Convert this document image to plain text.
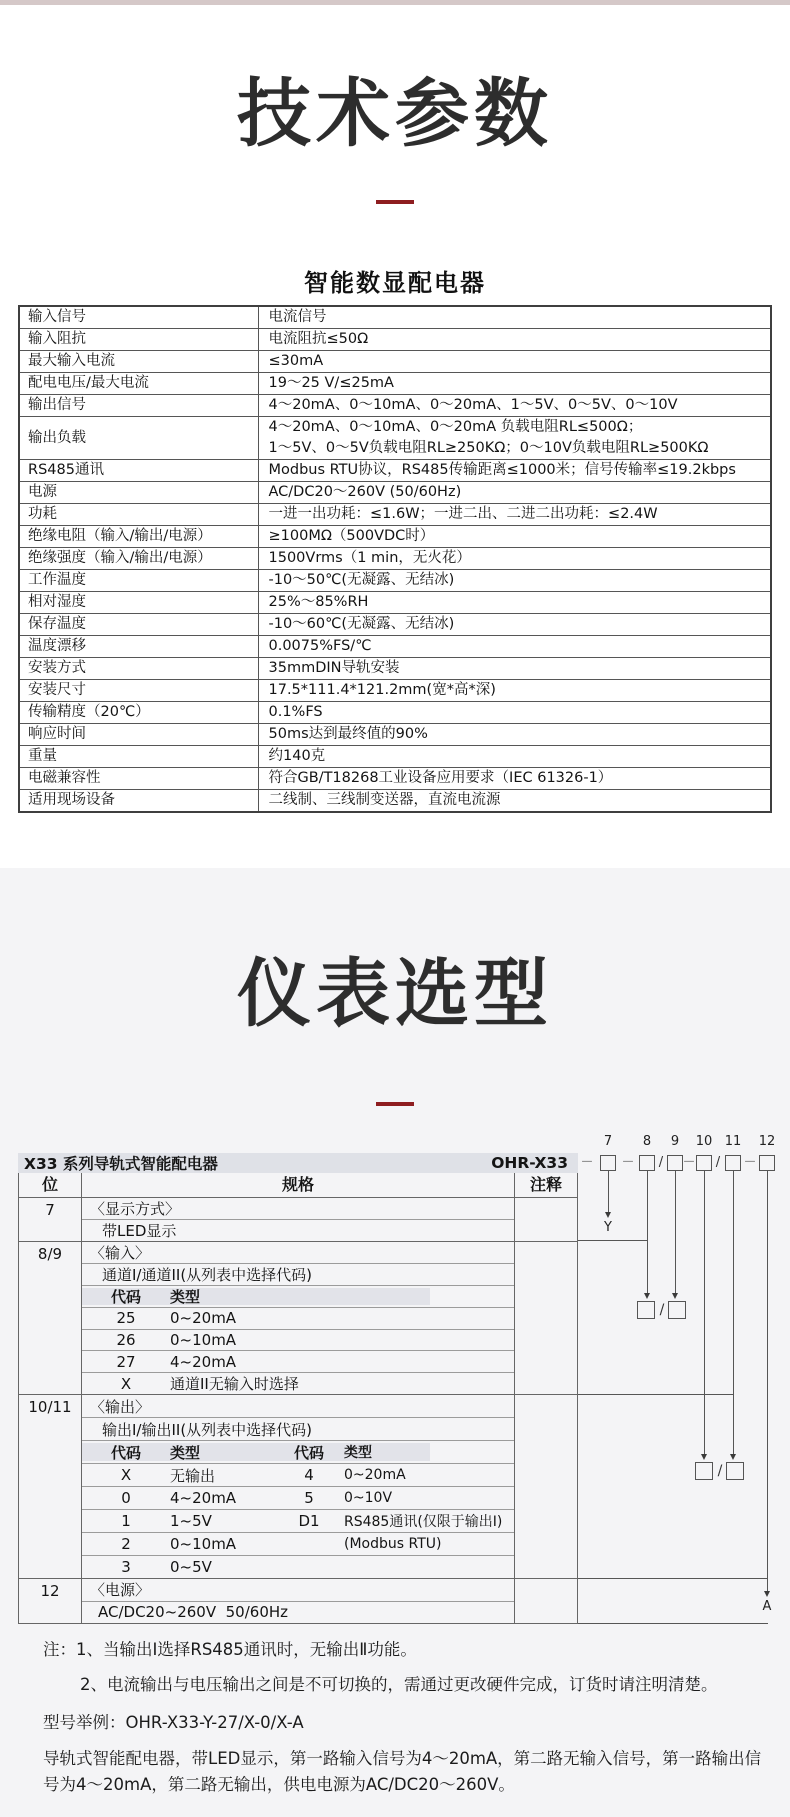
技术参数
智能数显配电器
输入信号	电流信号

输入阻抗	电流阻抗≤50Ω

最大输入电流	≤30mA

配电电压/最大电流	19～25 V/≤25mA

输出信号	4～20mA、0～10mA、0～20mA、1～5V、0～5V、0～10V

输出负载	4～20mA、0～10mA、0～20mA 负载电阻RL≤500Ω；
1～5V、0～5V负载电阻RL≥250KΩ；0～10V负载电阻RL≥500KΩ

RS485通讯	Modbus RTU协议，RS485传输距离≤1000米；信号传输率≤19.2kbps

电源	AC/DC20～260V (50/60Hz)

功耗	一进一出功耗：≤1.6W；一进二出、二进二出功耗：≤2.4W

绝缘电阻（输入/输出/电源）	≥100MΩ（500VDC时）

绝缘强度（输入/输出/电源）	1500Vrms（1 min，无火花）

工作温度	-10～50℃(无凝露、无结冰)

相对湿度	25%～85%RH

保存温度	-10～60℃(无凝露、无结冰)

温度漂移	0.0075%FS/℃

安装方式	35mmDIN导轨安装

安装尺寸	17.5*111.4*121.2mm(宽*高*深)

传输精度（20℃）	0.1%FS

响应时间	50ms达到最终值的90%

重量	约140克

电磁兼容性	符合GB/T18268工业设备应用要求（IEC 61326-1）

适用现场设备	二线制、三线制变送器，直流电流源
仪表选型
X33 系列导轨式智能配电器	OHR-X33
位	规格	注释
7	〈显示方式〉
带LED显示
8/9	〈输入〉
通道I/通道II(从列表中选择代码)
代码	类型
25	0~20mA
26	0~10mA
27	4~20mA
X	通道II无输入时选择
10/11	〈输出〉
输出I/输出II(从列表中选择代码)
代码	类型	代码	类型
X	无输出	4	0~20mA
0	4~20mA	5	0~10V
1	1~5V	D1	RS485通讯(仅限于输出Ⅰ)
2	0~10mA	(Modbus RTU)
3	0~5V
12	〈电源〉
AC/DC20~260V  50/60Hz
7	8	9	10 11	12
－ － / － / －
Y
/
/
A
注：1、当输出Ⅰ选择RS485通讯时，无输出Ⅱ功能。
2、电流输出与电压输出之间是不可切换的，需通过更改硬件完成，订货时请注明清楚。
型号举例：OHR-X33-Y-27/X-0/X-A
导轨式智能配电器，带LED显示，第一路输入信号为4～20mA，第二路无输入信号，第一路输出信号为4～20mA，第二路无输出，供电电源为AC/DC20～260Ⅴ。
